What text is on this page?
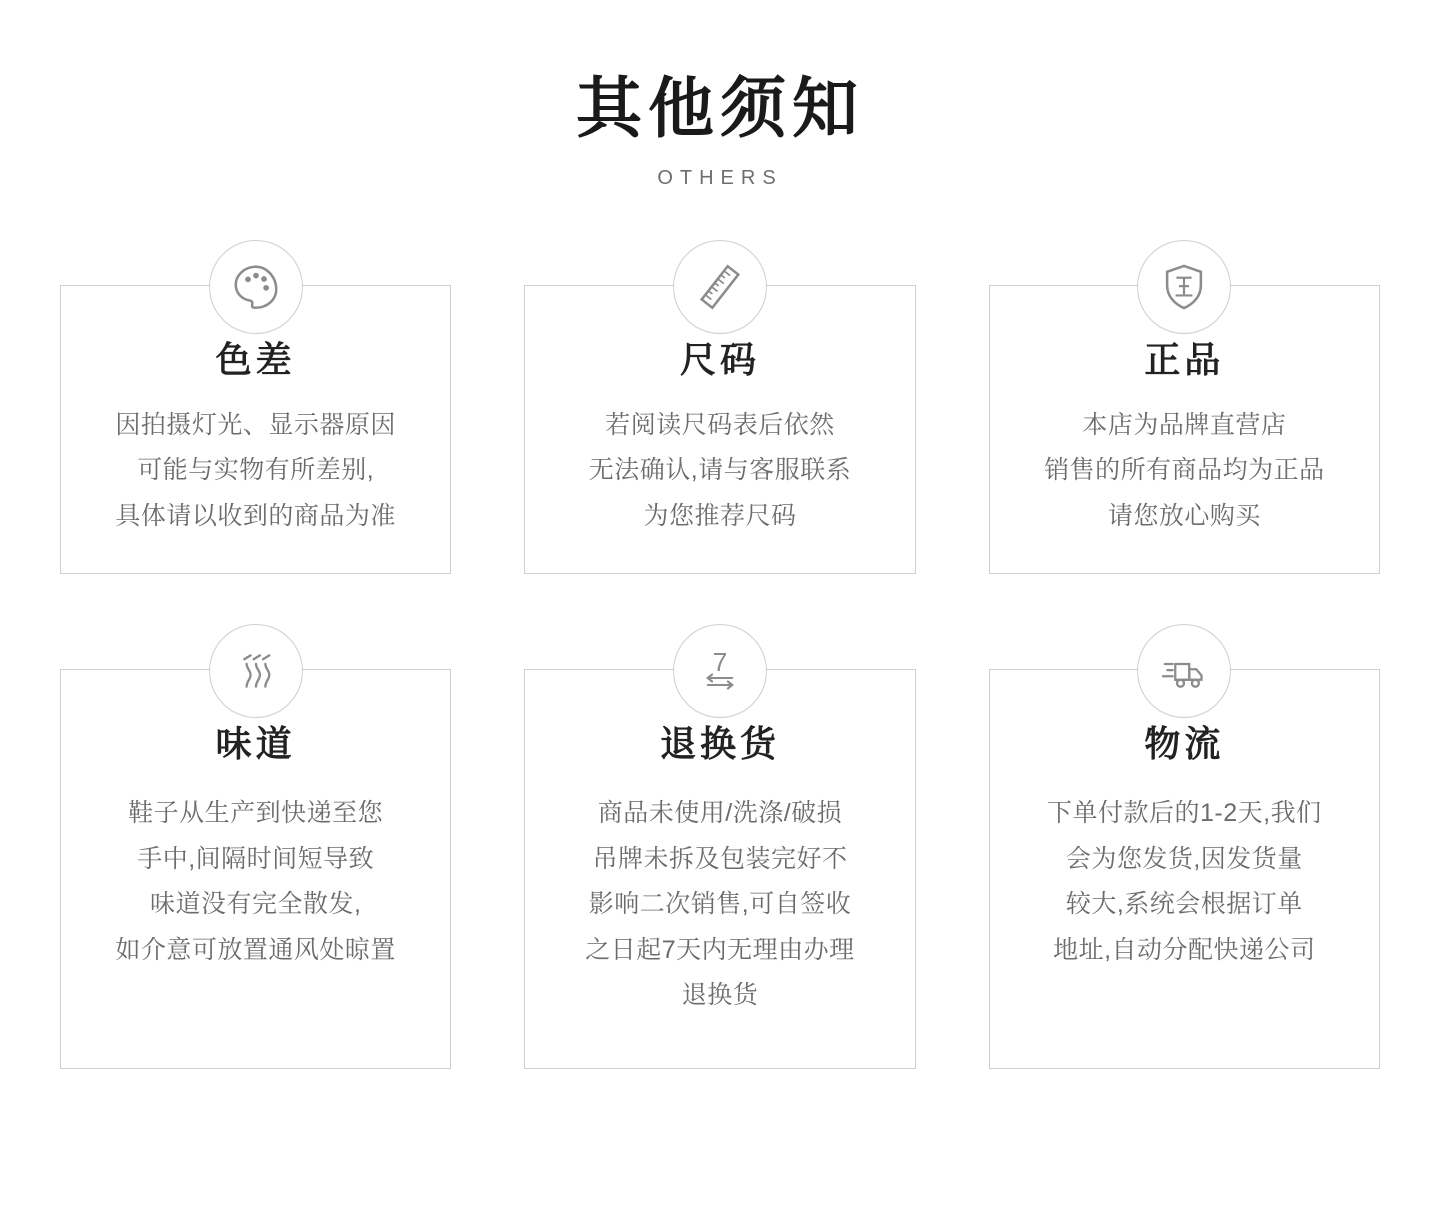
其他须知
OTHERS
色差
因拍摄灯光、显示器原因
可能与实物有所差别,
具体请以收到的商品为准
尺码
若阅读尺码表后依然
无法确认,请与客服联系
为您推荐尺码
正品
本店为品牌直营店
销售的所有商品均为正品
请您放心购买
味道
鞋子从生产到快递至您
手中,间隔时间短导致
味道没有完全散发,
如介意可放置通风处晾置
7
退换货
商品未使用/洗涤/破损
吊牌未拆及包装完好不
影响二次销售,可自签收
之日起7天内无理由办理
退换货
物流
下单付款后的1-2天,我们
会为您发货,因发货量
较大,系统会根据订单
地址,自动分配快递公司
